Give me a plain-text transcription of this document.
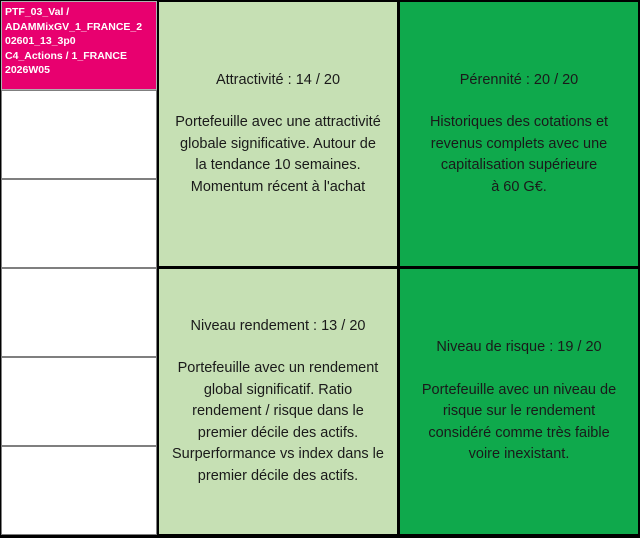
PTF_03_Val /
ADAMMixGV_1_FRANCE_2
02601_13_3p0
C4_Actions / 1_FRANCE
2026W05
Attractivité : 14 / 20
Portefeuille avec une attractivité
globale significative. Autour de
la tendance 10 semaines.
Momentum récent à l'achat
Pérennité : 20 / 20
Historiques des cotations et
revenus complets avec une
capitalisation supérieure
à 60 G€.
Niveau rendement : 13 / 20
Portefeuille avec un rendement
global significatif. Ratio
rendement / risque dans le
premier décile des actifs.
Surperformance vs index dans le
premier décile des actifs.
Niveau de risque : 19 / 20
Portefeuille avec un niveau de
risque sur le rendement
considéré comme très faible
voire inexistant.
